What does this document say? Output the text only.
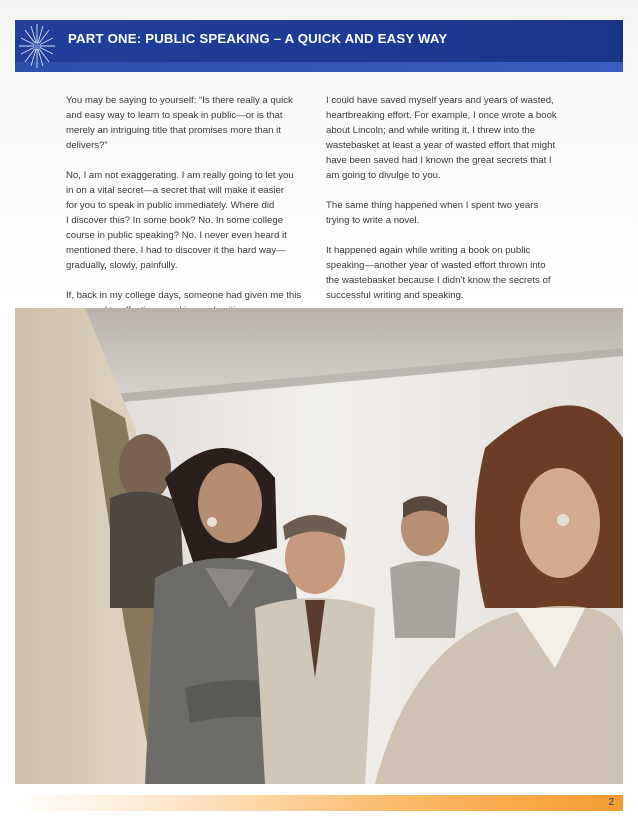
PART ONE: PUBLIC SPEAKING – A QUICK AND EASY WAY

You may be saying to yourself: “Is there really a quick
and easy way to learn to speak in public—or is that
merely an intriguing title that promises more than it
delivers?”

No, I am not exaggerating. I am really going to let you
in on a vital secret—a secret that will make it easier
for you to speak in public immediately. Where did
I discover this? In some book? No. In some college
course in public speaking? No. I never even heard it
mentioned there. I had to discover it the hard way—
gradually, slowly, painfully.

If, back in my college days, someone had given me this

I could have saved myself years and years of wasted,
heartbreaking effort. For example, I once wrote a book
about Lincoln; and while writing it, I threw into the
wastebasket at least a year of wasted effort that might
have been saved had I known the great secrets that I
am going to divulge to you.

The same thing happened when I spent two years
trying to write a novel.

It happened again while writing a book on public
speaking—another year of wasted effort thrown into
the wastebasket because I didn’t know the secrets of
successful writing and speaking.

2
